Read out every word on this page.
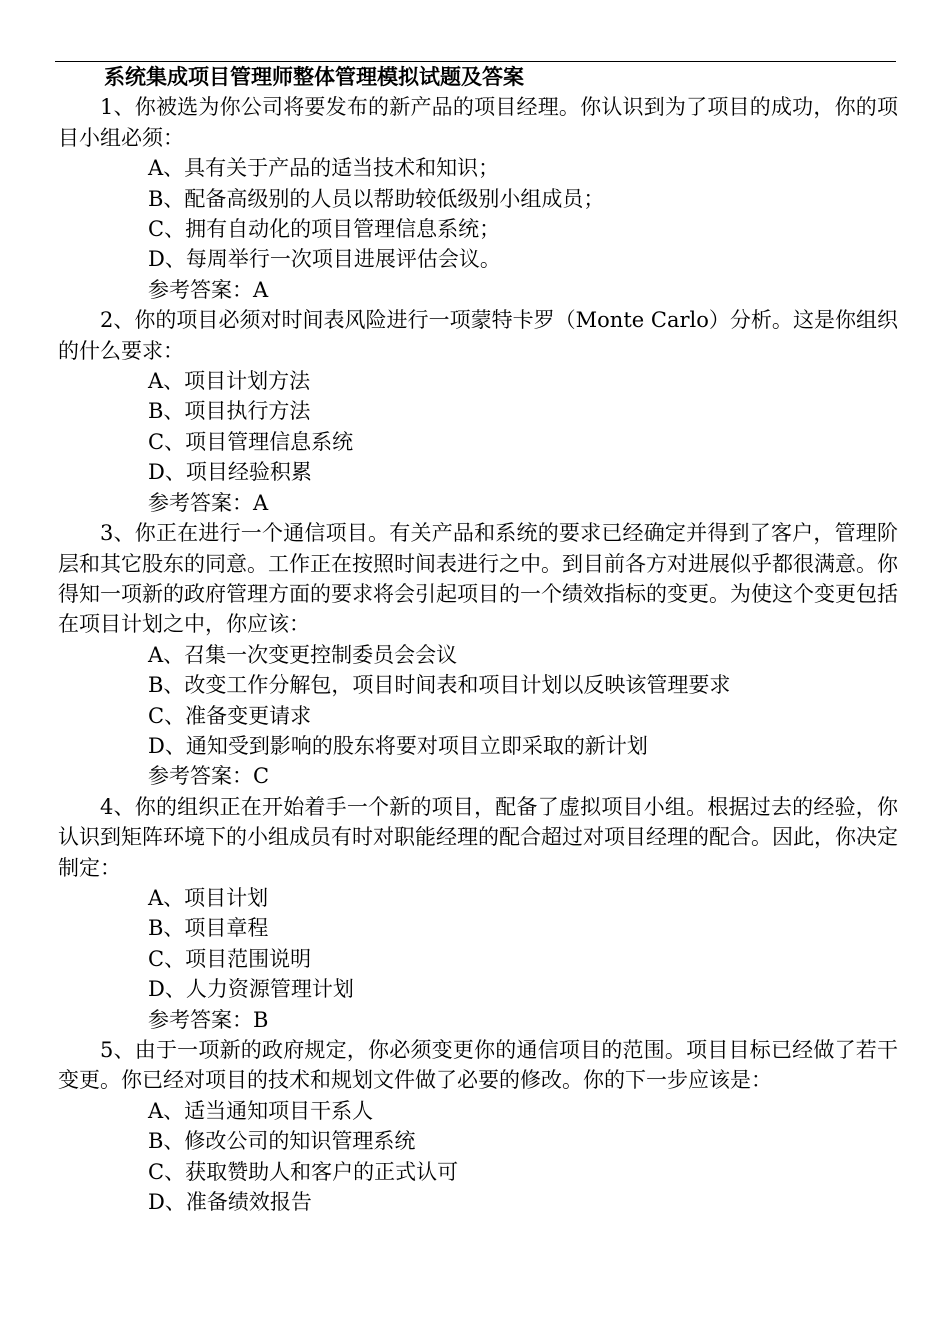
系统集成项目管理师整体管理模拟试题及答案

1、你被选为你公司将要发布的新产品的项目经理。你认识到为了项目的成功，你的项目小组必须：

A、具有关于产品的适当技术和知识；

B、配备高级别的人员以帮助较低级别小组成员；

C、拥有自动化的项目管理信息系统；

D、每周举行一次项目进展评估会议。

参考答案：A

2、你的项目必须对时间表风险进行一项蒙特卡罗（Monte Carlo）分析。这是你组织的什么要求：

A、项目计划方法

B、项目执行方法

C、项目管理信息系统

D、项目经验积累

参考答案：A

3、你正在进行一个通信项目。有关产品和系统的要求已经确定并得到了客户，管理阶层和其它股东的同意。工作正在按照时间表进行之中。到目前各方对进展似乎都很满意。你得知一项新的政府管理方面的要求将会引起项目的一个绩效指标的变更。为使这个变更包括在项目计划之中，你应该：

A、召集一次变更控制委员会会议

B、改变工作分解包，项目时间表和项目计划以反映该管理要求

C、准备变更请求

D、通知受到影响的股东将要对项目立即采取的新计划

参考答案：C

4、你的组织正在开始着手一个新的项目，配备了虚拟项目小组。根据过去的经验，你认识到矩阵环境下的小组成员有时对职能经理的配合超过对项目经理的配合。因此，你决定制定：

A、项目计划

B、项目章程

C、项目范围说明

D、人力资源管理计划

参考答案：B

5、由于一项新的政府规定，你必须变更你的通信项目的范围。项目目标已经做了若干变更。你已经对项目的技术和规划文件做了必要的修改。你的下一步应该是：

A、适当通知项目干系人

B、修改公司的知识管理系统

C、获取赞助人和客户的正式认可

D、准备绩效报告
